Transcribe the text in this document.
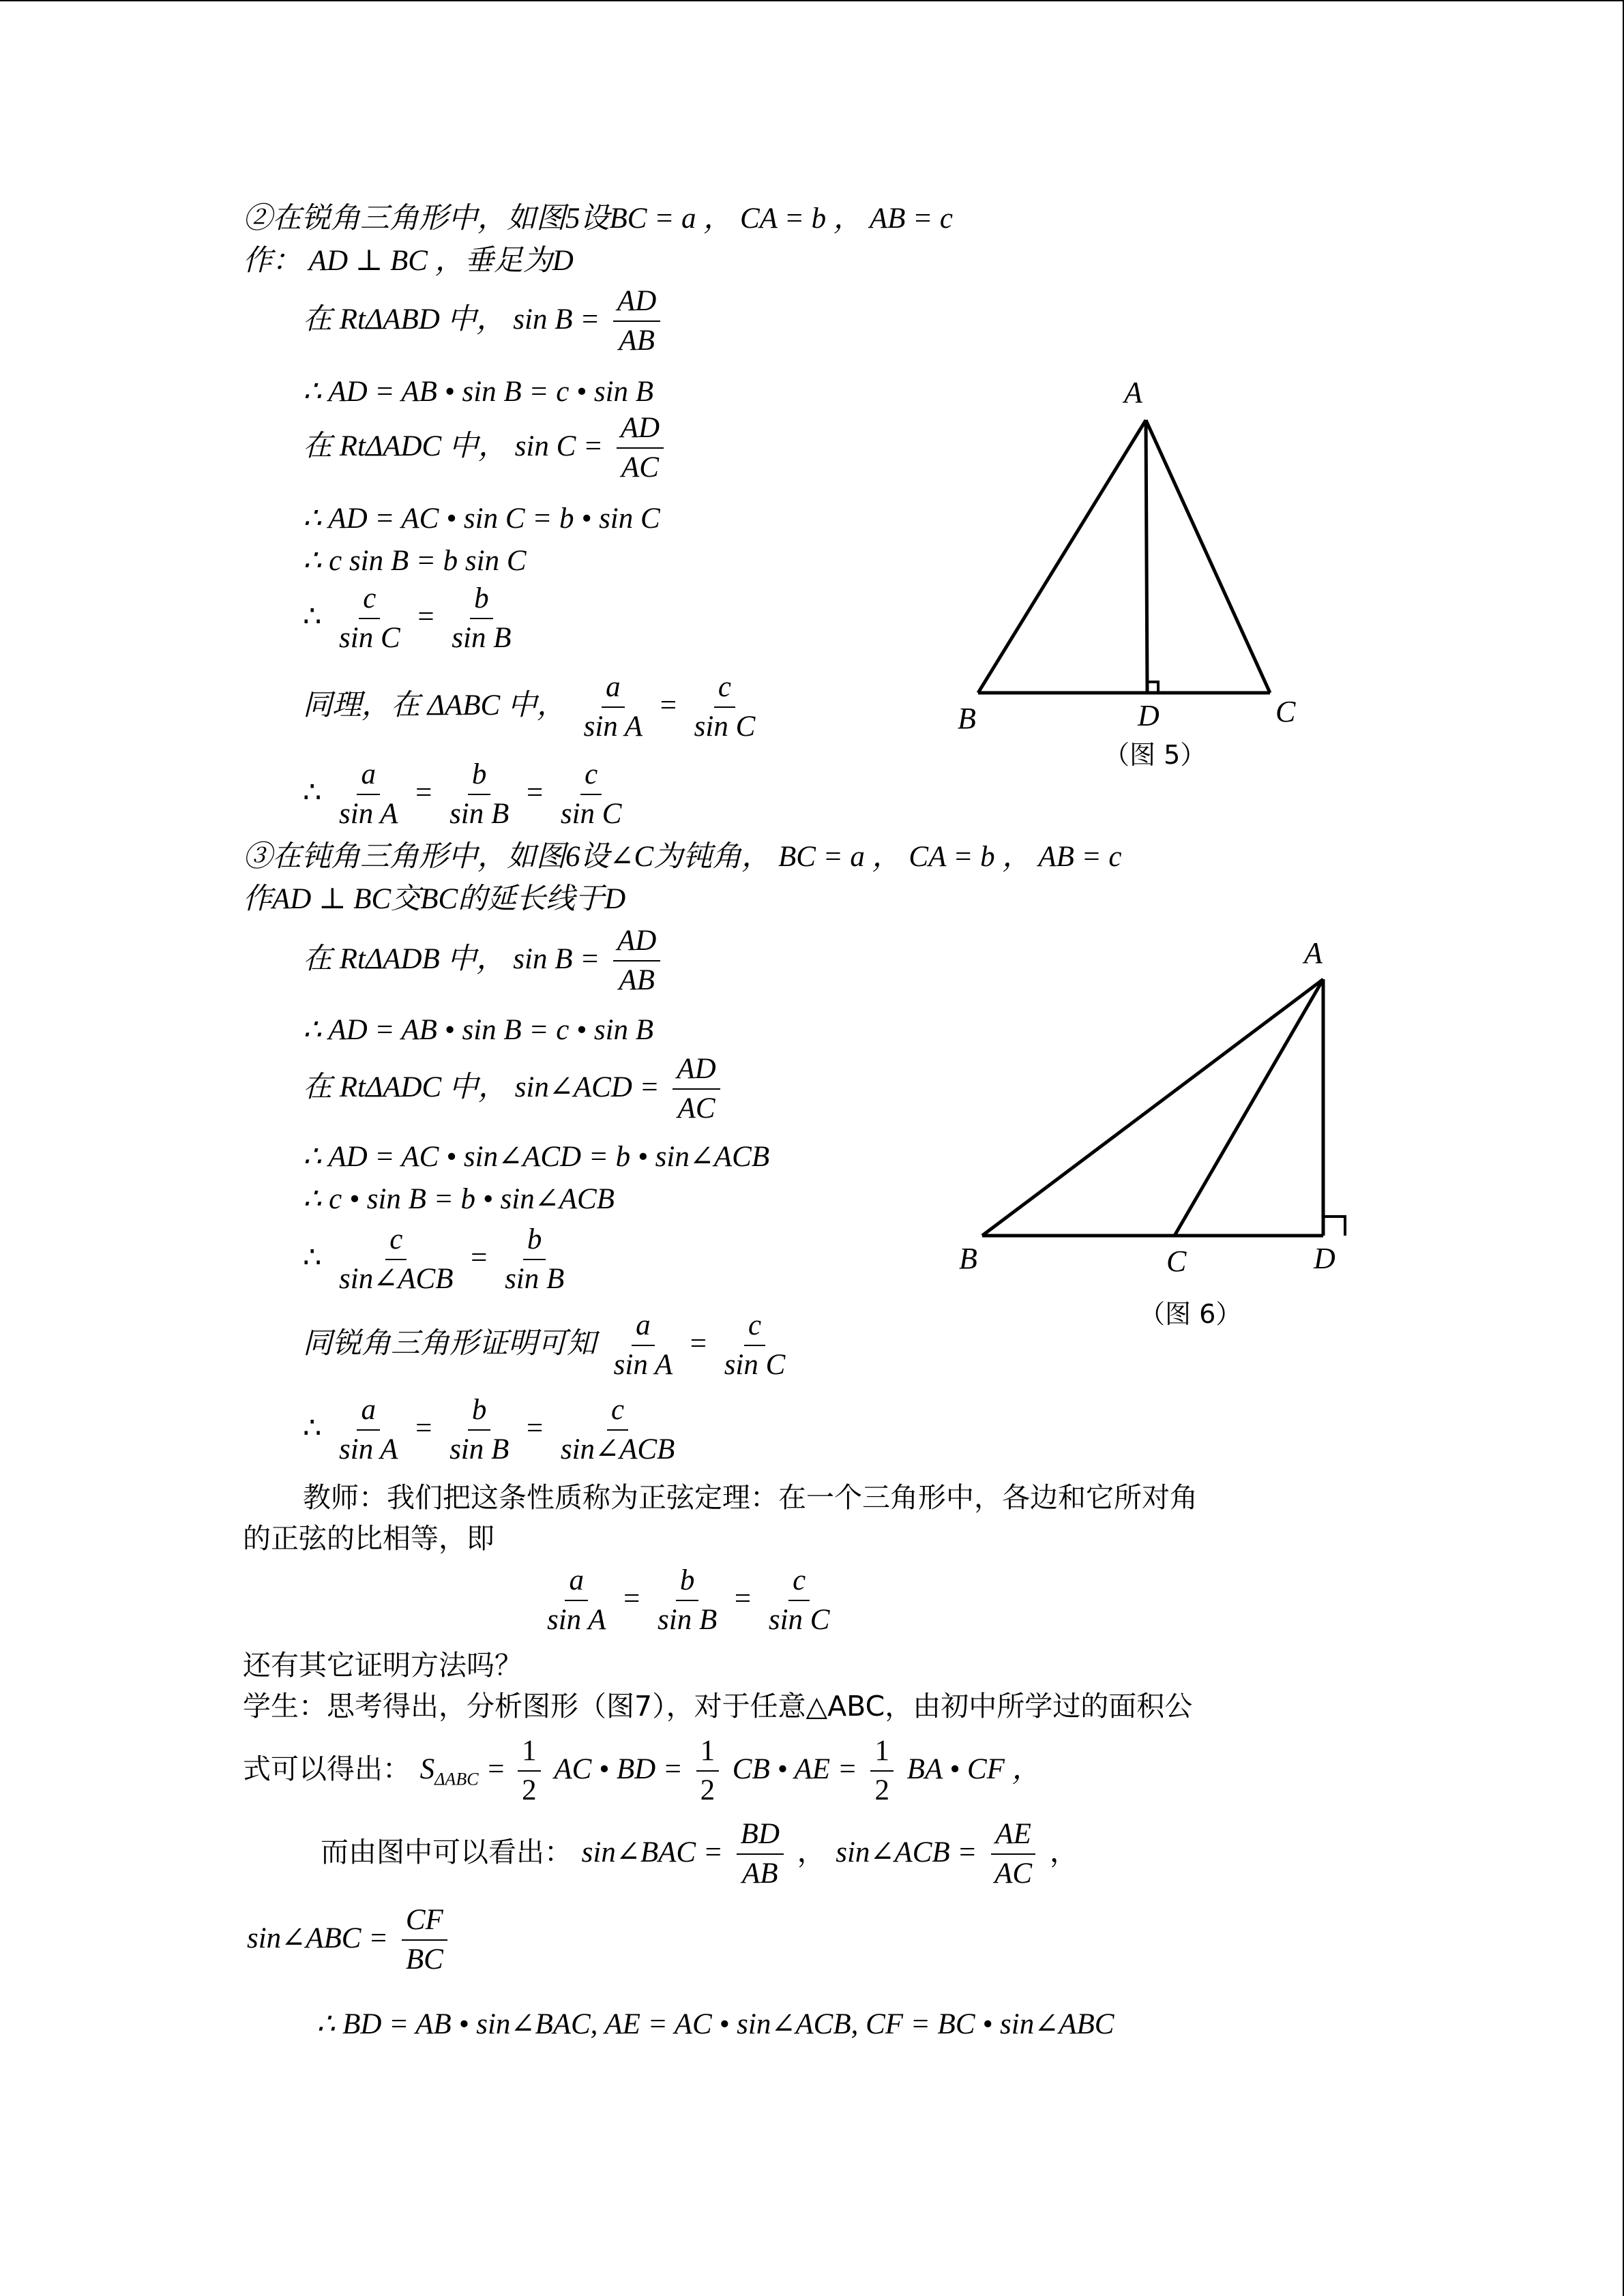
②在锐角三角形中，如图5设BC = a ， CA = b ， AB = c
作： AD ⊥ BC ，垂足为D
在 RtΔABD 中， $\sin B = \frac{AD}{AB}$
∴ AD = AB • sin B = c • sin B
在 RtΔADC 中， $\sin C = \frac{AD}{AC}$
∴ AD = AC • sin C = b • sin C
∴ c sin B = b sin C
∴ $\frac{c}{\text{sin C}} = \frac{b}{\text{sin B}}$
同理，在 ΔABC 中， $\frac{a}{\text{sin A}} = \frac{c}{\text{sin C}}$
∴ $\frac{a}{\text{sin A}} = \frac{b}{\text{sin B}} = \frac{c}{\text{sin C}}$
A
B	D	C
（图 5）
③在钝角三角形中，如图6设∠C为钝角， BC = a ， CA = b ， AB = c
作AD ⊥ BC交BC的延长线于D
在 RtΔADB 中， $\sin B = \frac{AD}{AB}$
∴ AD = AB • sin B = c • sin B
在 RtΔADC 中， sin∠ACD = $\frac{AD}{AC}$
∴ AD = AC • sin∠ACD = b • sin∠ACB
∴ c • sin B = b • sin∠ACB
∴ $\frac{c}{\text{sin∠ACB}} = \frac{b}{\text{sin B}}$
同锐角三角形证明可知 $\frac{a}{\text{sin A}} = \frac{c}{\text{sin C}}$
∴ $\frac{a}{\text{sin A}} = \frac{b}{\text{sin B}} = \frac{c}{\text{sin∠ACB}}$
A
B	C	D
（图 6）
教师：我们把这条性质称为正弦定理：在一个三角形中，各边和它所对角
的正弦的比相等，即
$\frac{a}{\text{sin A}} = \frac{b}{\text{sin B}} = \frac{c}{\text{sin C}}$
还有其它证明方法吗？
学生：思考得出，分析图形（图7），对于任意△ABC，由初中所学过的面积公
式可以得出： $S_{\Delta ABC} = \frac{1}{2}$ AC • BD = $\frac{1}{2}$ CB • AE = $\frac{1}{2}$ BA • CF ，
而由图中可以看出： sin∠BAC = $\frac{BD}{AB}$ ， sin∠ACB = $\frac{AE}{AC}$ ，
sin∠ABC = $\frac{CF}{BC}$
∴ BD = AB • sin∠BAC, AE = AC • sin∠ACB, CF = BC • sin∠ABC
